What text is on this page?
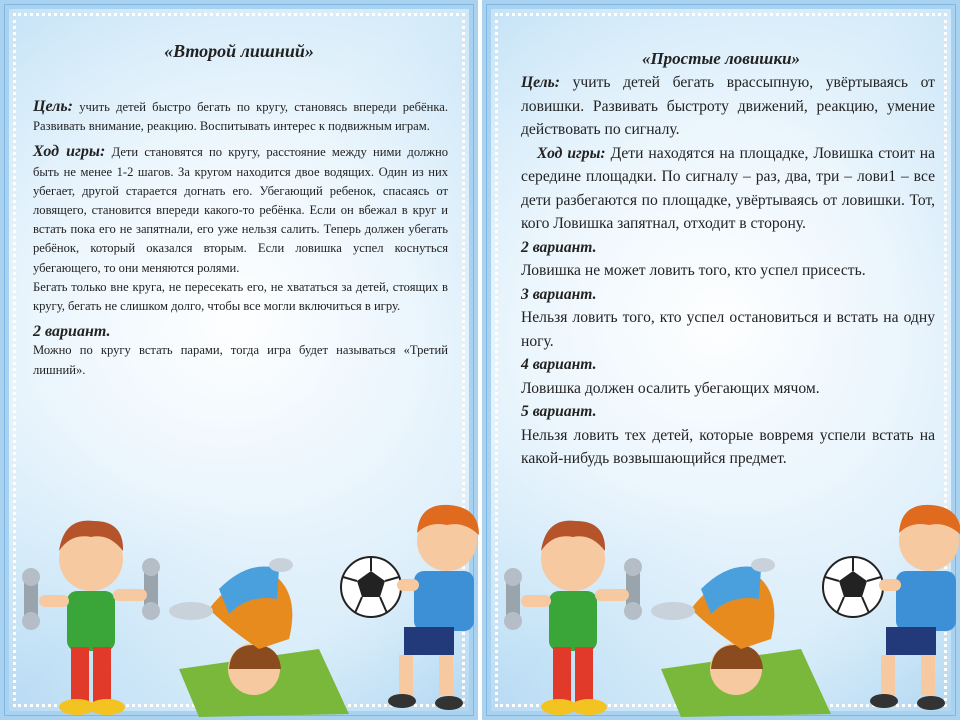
«Второй лишний»

Цель: учить детей быстро бегать по кругу, становясь впереди ребёнка. Развивать внимание, реакцию. Воспитывать интерес к подвижным играм.

Ход игры: Дети становятся по кругу, расстояние между ними должно быть не менее 1-2 шагов. За кругом находится двое водящих. Один из них убегает, другой старается догнать его. Убегающий ребенок, спасаясь от ловящего, становится впереди какого-то ребёнка. Если он вбежал в круг и встать пока его не запятнали, его уже нельзя салить. Теперь должен убегать ребёнок, который оказался вторым. Если ловишка успел коснуться убегающего, то они меняются ролями.

Бегать только вне круга, не пересекать его, не хвататься за детей, стоящих в кругу, бегать не слишком долго, чтобы все могли включиться в игру.

2 вариант.

Можно по кругу встать парами, тогда игра будет называться «Третий лишний».

«Простые ловишки»

Цель: учить детей бегать врассыпную, увёртываясь от ловишки. Развивать быстроту движений, реакцию, умение действовать по сигналу.

Ход игры: Дети находятся на площадке, Ловишка стоит на середине площадки. По сигналу – раз, два, три – лови1 – все дети разбегаются по площадке, увёртываясь от ловишки. Тот, кого Ловишка запятнал, отходит в сторону.

2 вариант.

Ловишка не может ловить того, кто успел присесть.

3 вариант.

Нельзя ловить того, кто успел остановиться и встать на одну ногу.

4 вариант.

Ловишка должен осалить убегающих мячом.

5 вариант.

Нельзя ловить тех детей, которые вовремя успели встать на какой-нибудь возвышающийся предмет.
